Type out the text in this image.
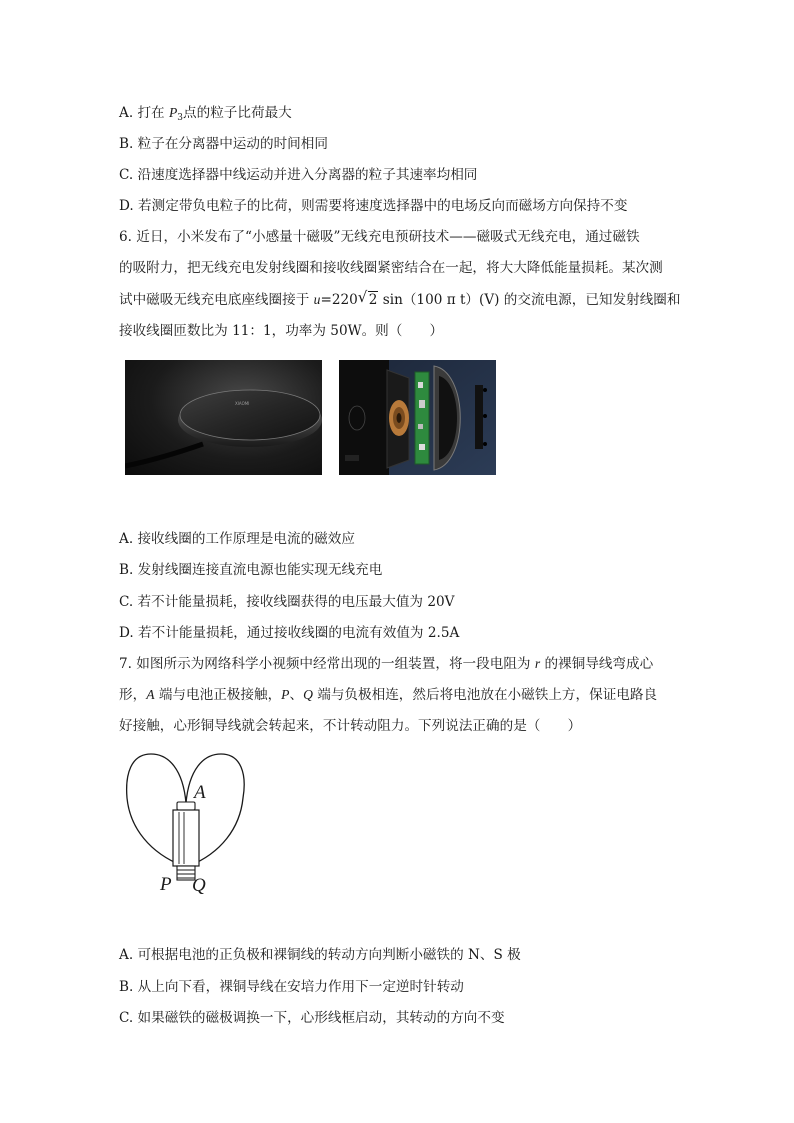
A. 打在 $P_3$点的粒子比荷最大
B. 粒子在分离器中运动的时间相同
C. 沿速度选择器中线运动并进入分离器的粒子其速率均相同
D. 若测定带负电粒子的比荷，则需要将速度选择器中的电场反向而磁场方向保持不变
6. 近日，小米发布了“小感量十磁吸”无线充电预研技术——磁吸式无线充电，通过磁铁
的吸附力，把无线充电发射线圈和接收线圈紧密结合在一起，将大大降低能量损耗。某次测
试中磁吸无线充电底座线圈接于 u=220 √ 2 sin（100 π t）(V) 的交流电源，已知发射线圈和
接收线圈匝数比为 11：1，功率为 50W。则（　　）
XIAOMI
A. 接收线圈的工作原理是电流的磁效应
B. 发射线圈连接直流电源也能实现无线充电
C. 若不计能量损耗，接收线圈获得的电压最大值为 20V
D. 若不计能量损耗，通过接收线圈的电流有效值为 2.5A
7. 如图所示为网络科学小视频中经常出现的一组装置，将一段电阻为 r 的裸铜导线弯成心
形，A 端与电池正极接触，P、Q 端与负极相连，然后将电池放在小磁铁上方，保证电路良
好接触，心形铜导线就会转起来，不计转动阻力。下列说法正确的是（　　）
A
P Q
A. 可根据电池的正负极和裸铜线的转动方向判断小磁铁的 N、S 极
B. 从上向下看，裸铜导线在安培力作用下一定逆时针转动
C. 如果磁铁的磁极调换一下，心形线框启动，其转动的方向不变
